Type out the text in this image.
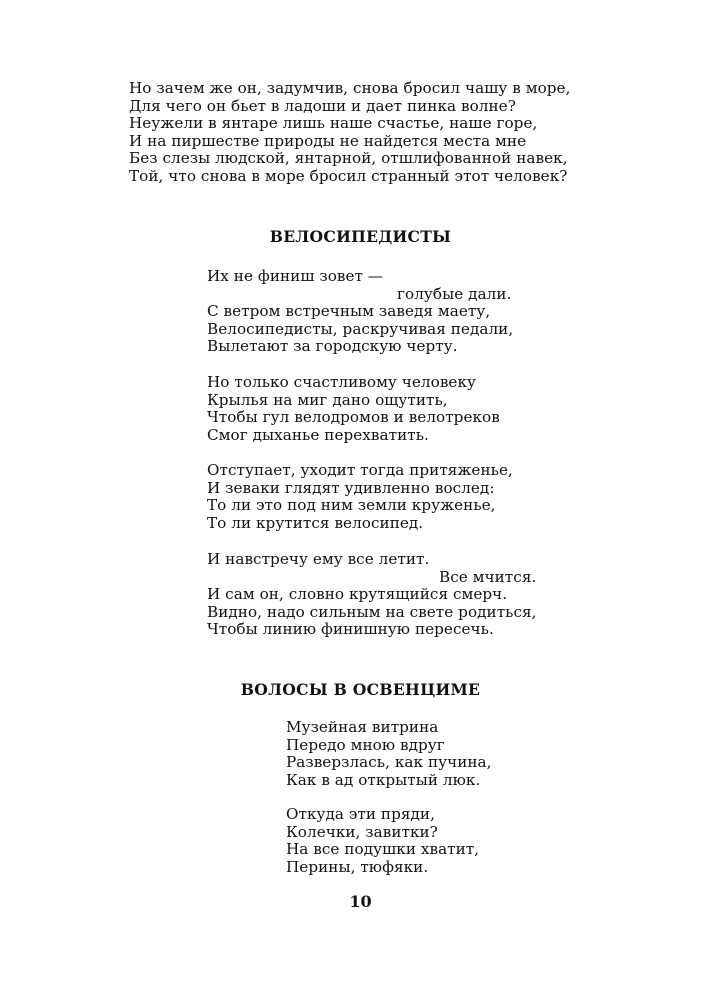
Но зачем же он, задумчив, снова бросил чашу в море,
Для чего он бьет в ладоши и дает пинка волне?
Неужели в янтаре лишь наше счастье, наше горе,
И на пиршестве природы не найдется места мне
Без слезы людской, янтарной, отшлифованной навек,
Той, что снова в море бросил странный этот человек?
ВЕЛОСИПЕДИСТЫ
Их не финиш зовет —
голубые дали.
С ветром встречным заведя маету,
Велосипедисты, раскручивая педали,
Вылетают за городскую черту.
Но только счастливому человеку
Крылья на миг дано ощутить,
Чтобы гул велодромов и велотреков
Смог дыханье перехватить.
Отступает, уходит тогда притяженье,
И зеваки глядят удивленно вослед:
То ли это под ним земли круженье,
То ли крутится велосипед.
И навстречу ему все летит.
Все мчится.
И сам он, словно крутящийся смерч.
Видно, надо сильным на свете родиться,
Чтобы линию финишную пересечь.
ВОЛОСЫ В ОСВЕНЦИМЕ
Музейная витрина
Передо мною вдруг
Разверзлась, как пучина,
Как в ад открытый люк.
Откуда эти пряди,
Колечки, завитки?
На все подушки хватит,
Перины, тюфяки.
10
